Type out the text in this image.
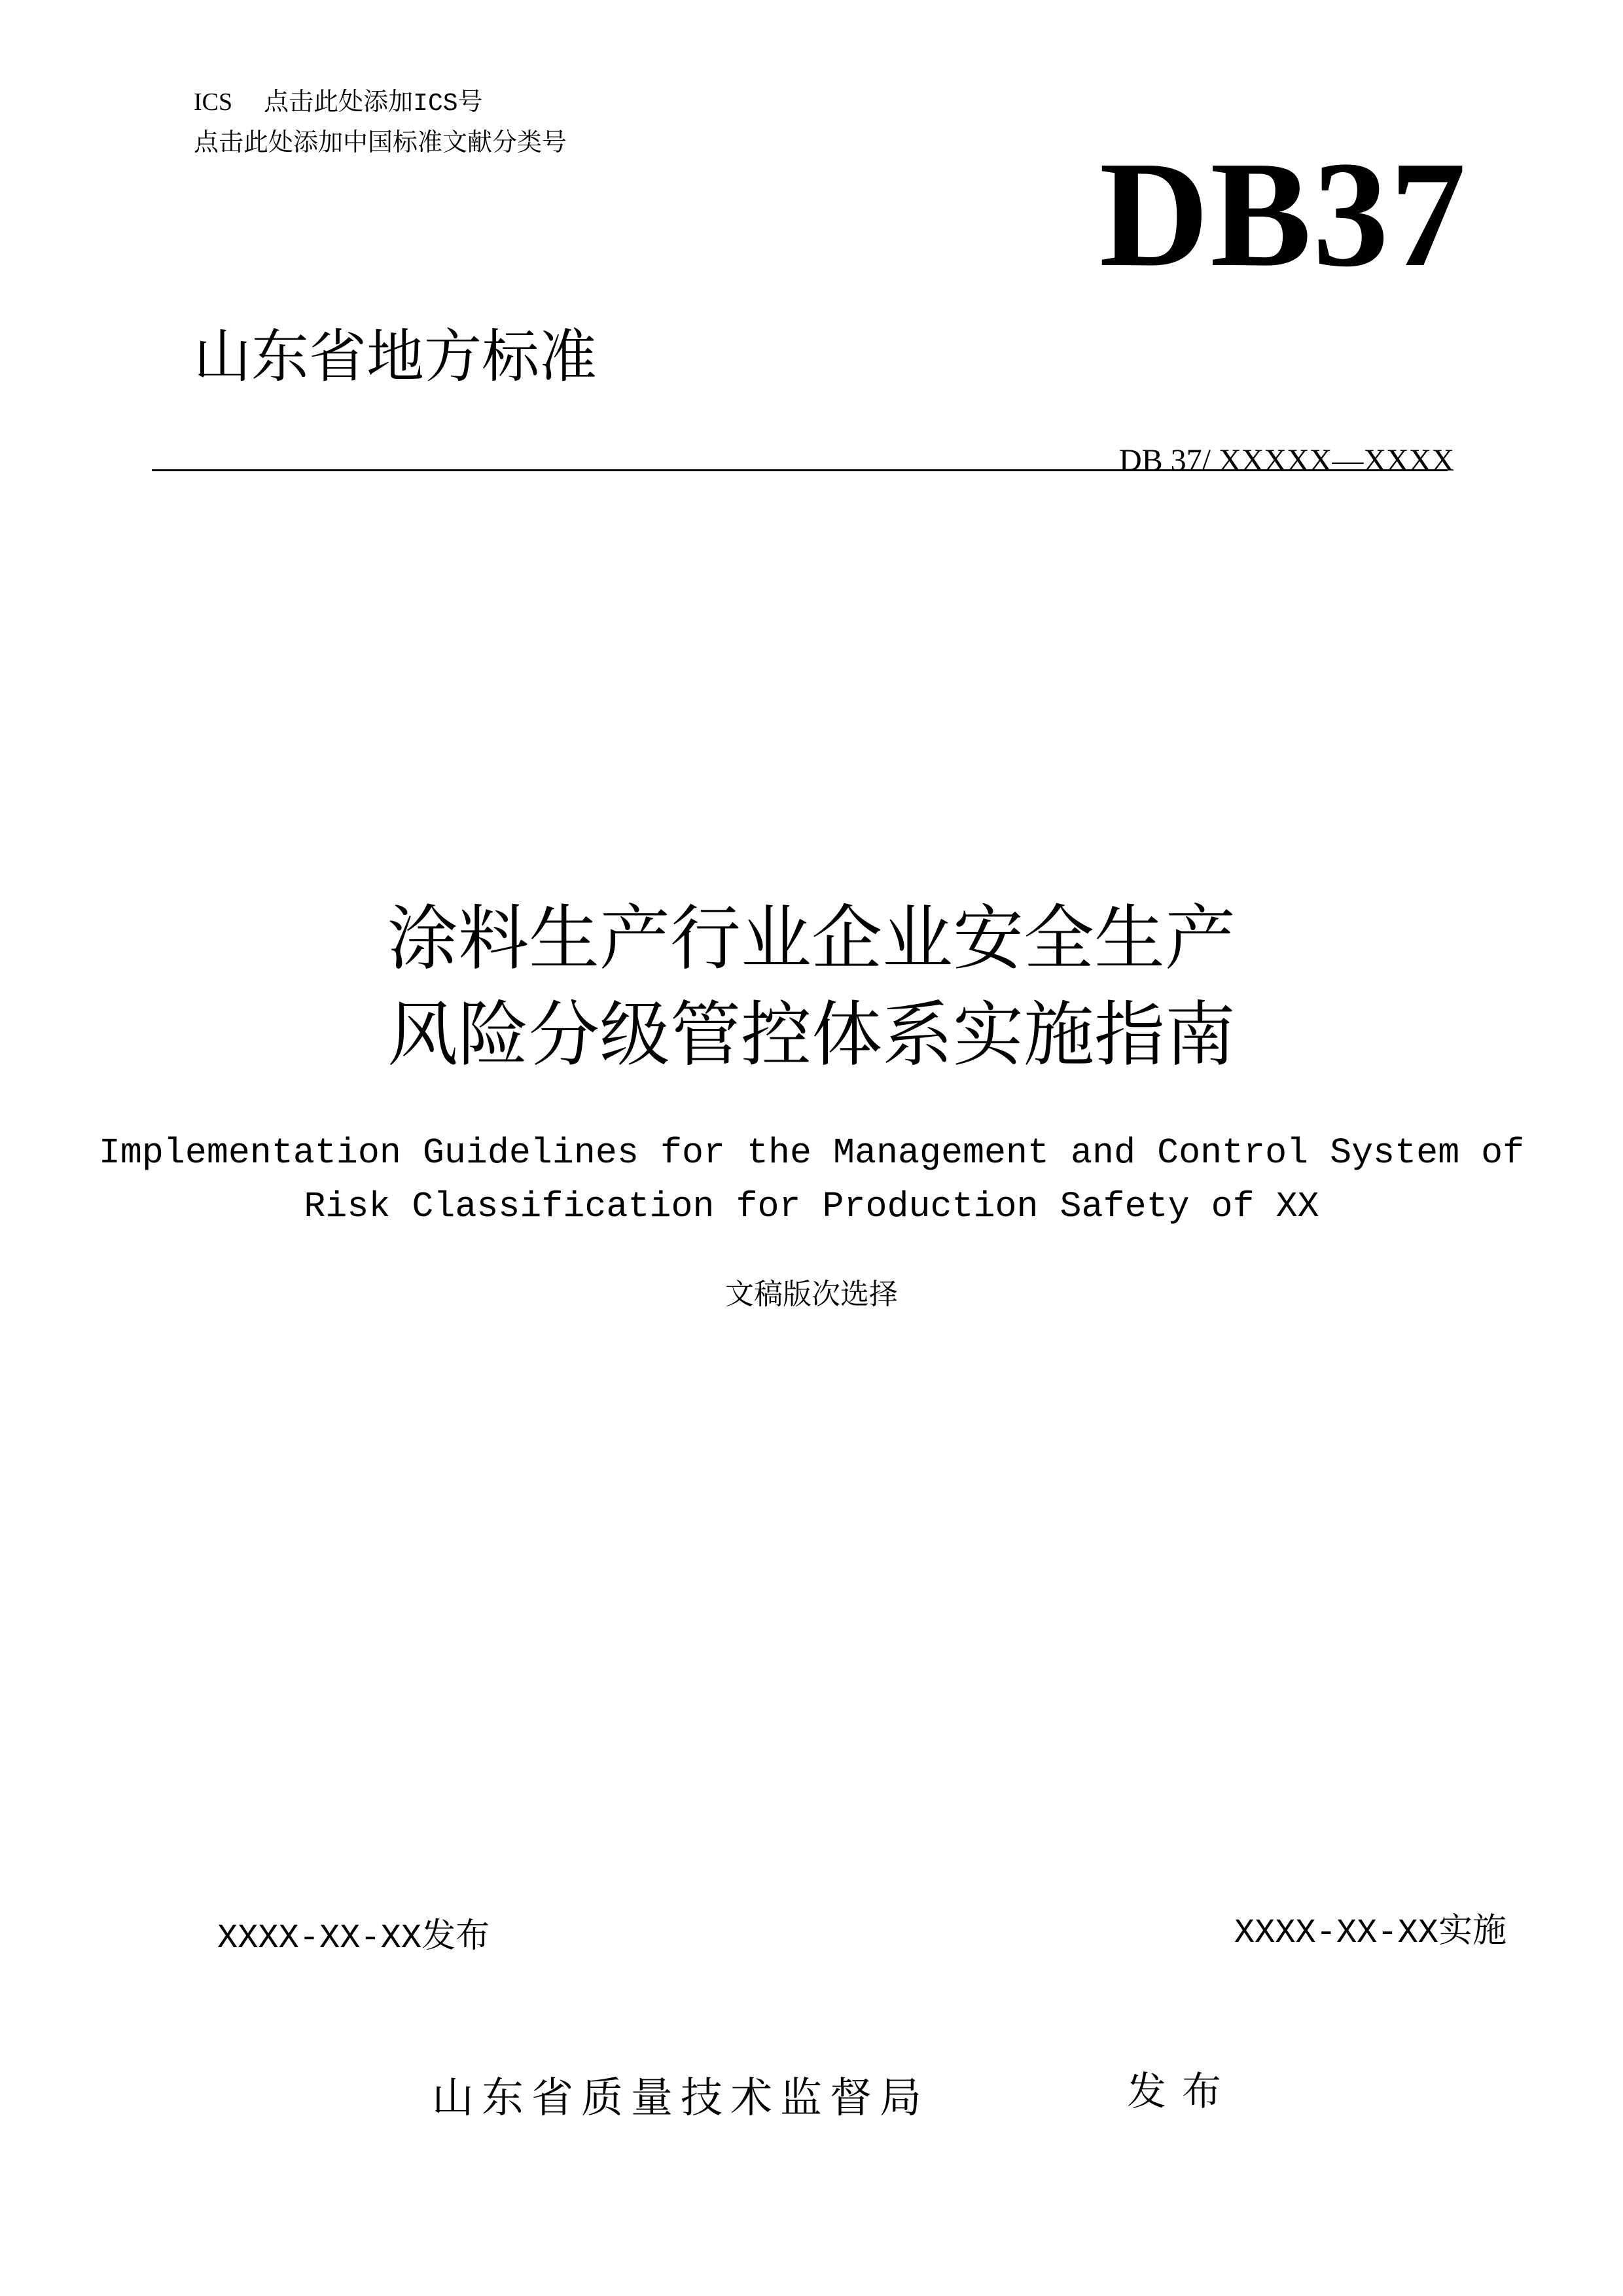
ICS 点击此处添加ICS号
点击此处添加中国标准文献分类号	DB37
山东省地方标准
DB 37/ XXXXX—XXXX
涂料生产行业企业安全生产
风险分级管控体系实施指南
Implementation Guidelines for the Management and Control System of
Risk Classification for Production Safety of XX
文稿版次选择
XXXX-XX-XX发布	XXXX-XX-XX实施
山东省质量技术监督局	发布
